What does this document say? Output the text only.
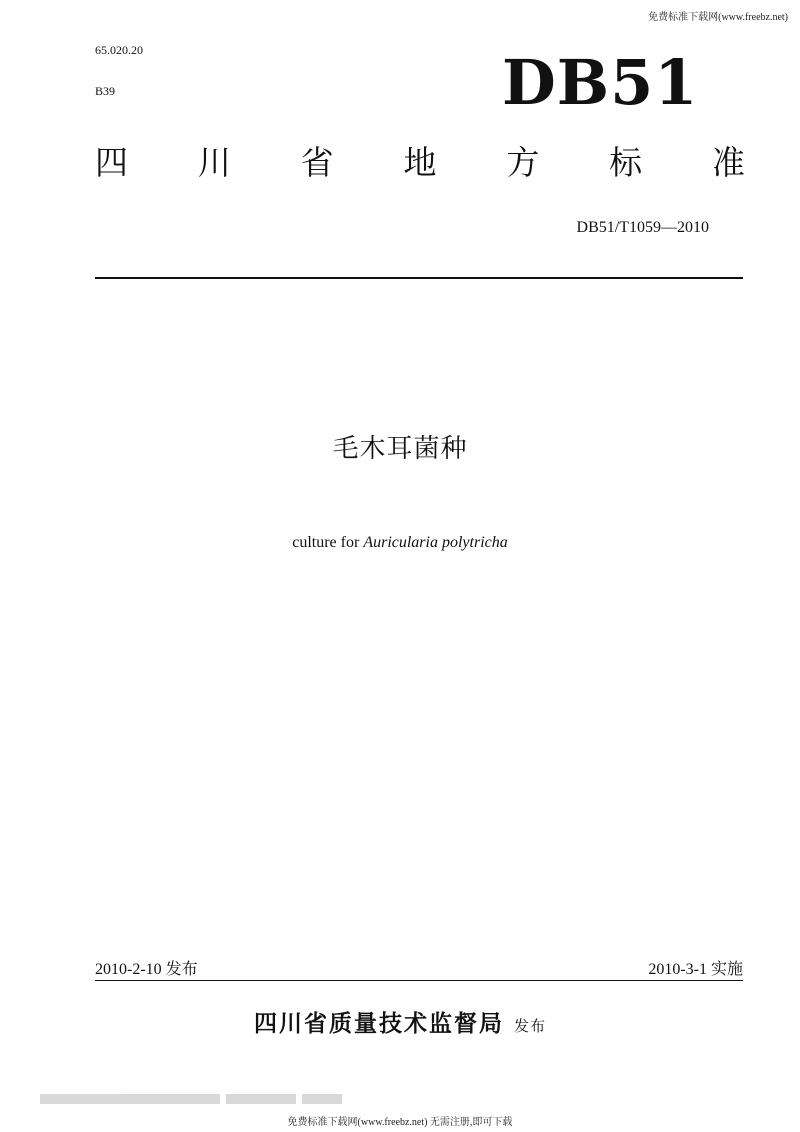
免费标准下载网(www.freebz.net)
65.020.20
B39	DB51
四 川 省 地 方 标 准
DB51/T1059—2010
毛木耳菌种
culture for Auricularia polytricha
2010-2-10 发布	2010-3-1 实施
四川省质量技术监督局 发布
免费标准下载网(www.freebz.net) 无需注册,即可下载
